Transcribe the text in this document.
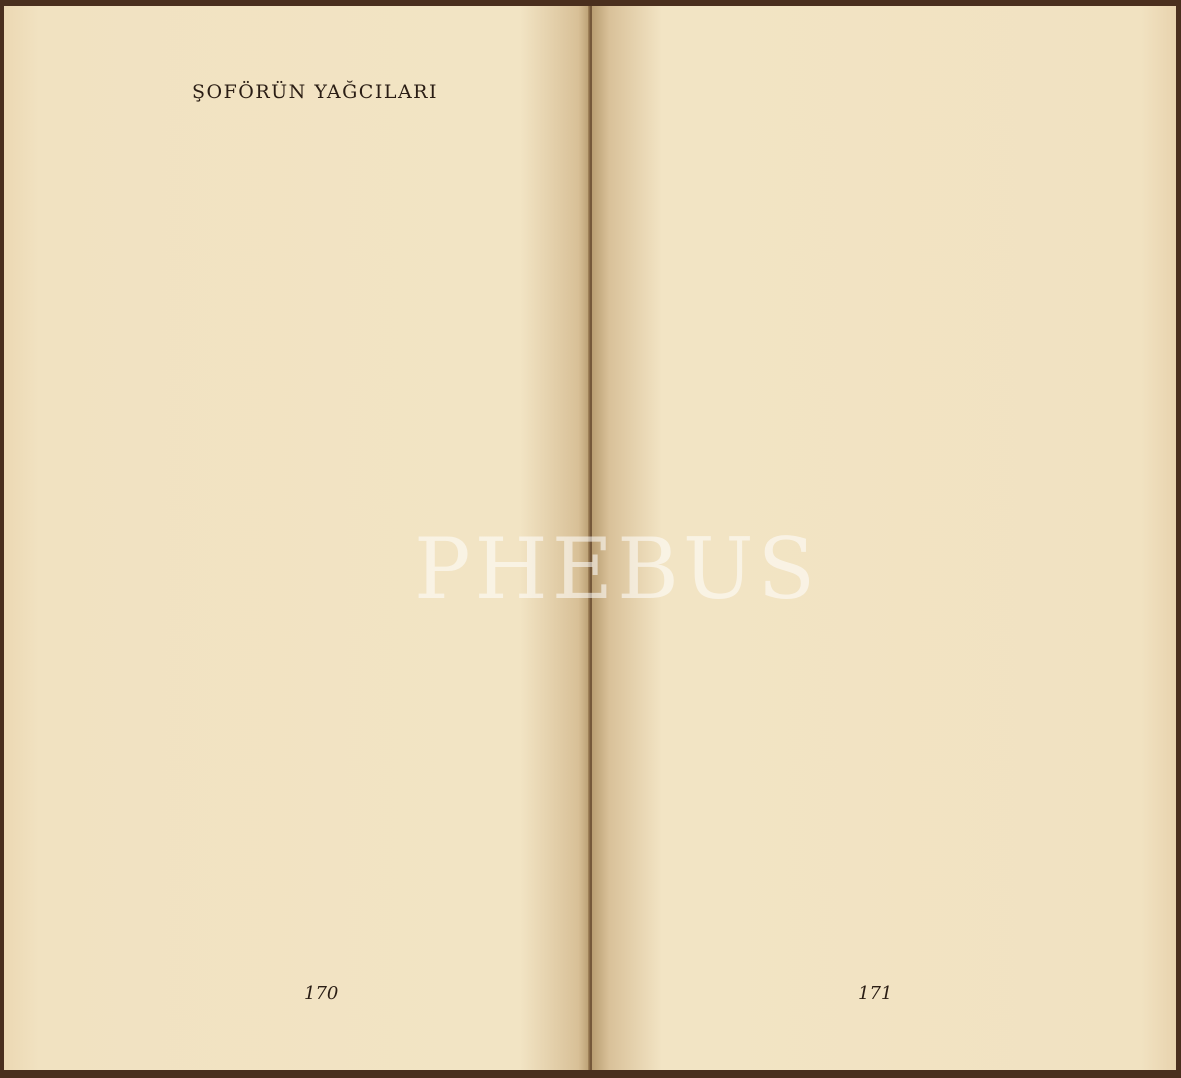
ŞOFÖRÜN YAĞCILARI
170	171
PHEBUS
